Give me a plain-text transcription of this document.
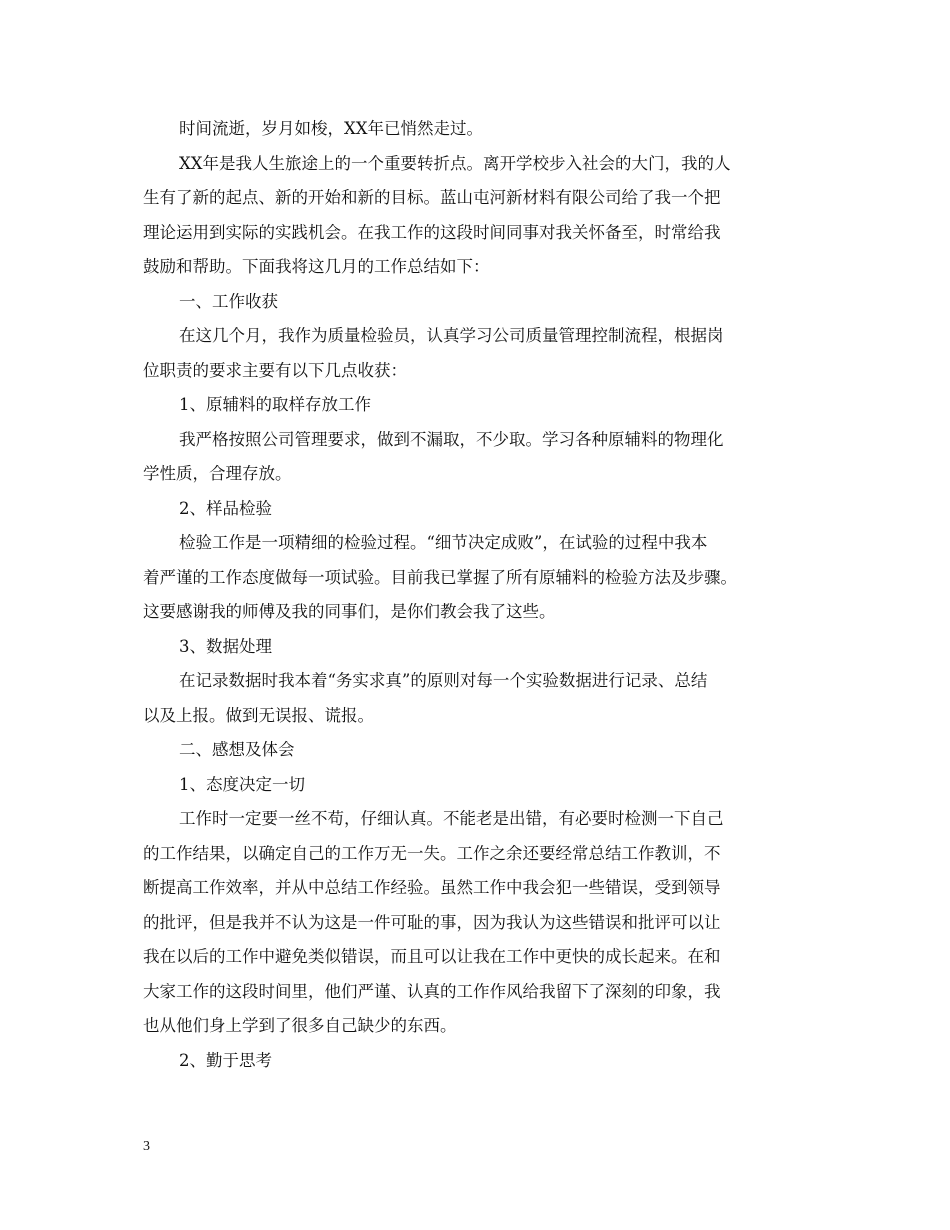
时间流逝，岁月如梭，XX年已悄然走过。
XX年是我人生旅途上的一个重要转折点。离开学校步入社会的大门，我的人
生有了新的起点、新的开始和新的目标。蓝山屯河新材料有限公司给了我一个把
理论运用到实际的实践机会。在我工作的这段时间同事对我关怀备至，时常给我
鼓励和帮助。下面我将这几月的工作总结如下：
一、工作收获
在这几个月，我作为质量检验员，认真学习公司质量管理控制流程，根据岗
位职责的要求主要有以下几点收获：
1、原辅料的取样存放工作
我严格按照公司管理要求，做到不漏取，不少取。学习各种原辅料的物理化
学性质，合理存放。
2、样品检验
检验工作是一项精细的检验过程。“细节决定成败”，在试验的过程中我本
着严谨的工作态度做每一项试验。目前我已掌握了所有原辅料的检验方法及步骤。
这要感谢我的师傅及我的同事们，是你们教会我了这些。
3、数据处理
在记录数据时我本着“务实求真”的原则对每一个实验数据进行记录、总结
以及上报。做到无误报、谎报。
二、感想及体会
1、态度决定一切
工作时一定要一丝不苟，仔细认真。不能老是出错，有必要时检测一下自己
的工作结果，以确定自己的工作万无一失。工作之余还要经常总结工作教训，不
断提高工作效率，并从中总结工作经验。虽然工作中我会犯一些错误，受到领导
的批评，但是我并不认为这是一件可耻的事，因为我认为这些错误和批评可以让
我在以后的工作中避免类似错误，而且可以让我在工作中更快的成长起来。在和
大家工作的这段时间里，他们严谨、认真的工作作风给我留下了深刻的印象，我
也从他们身上学到了很多自己缺少的东西。
2、勤于思考
3
